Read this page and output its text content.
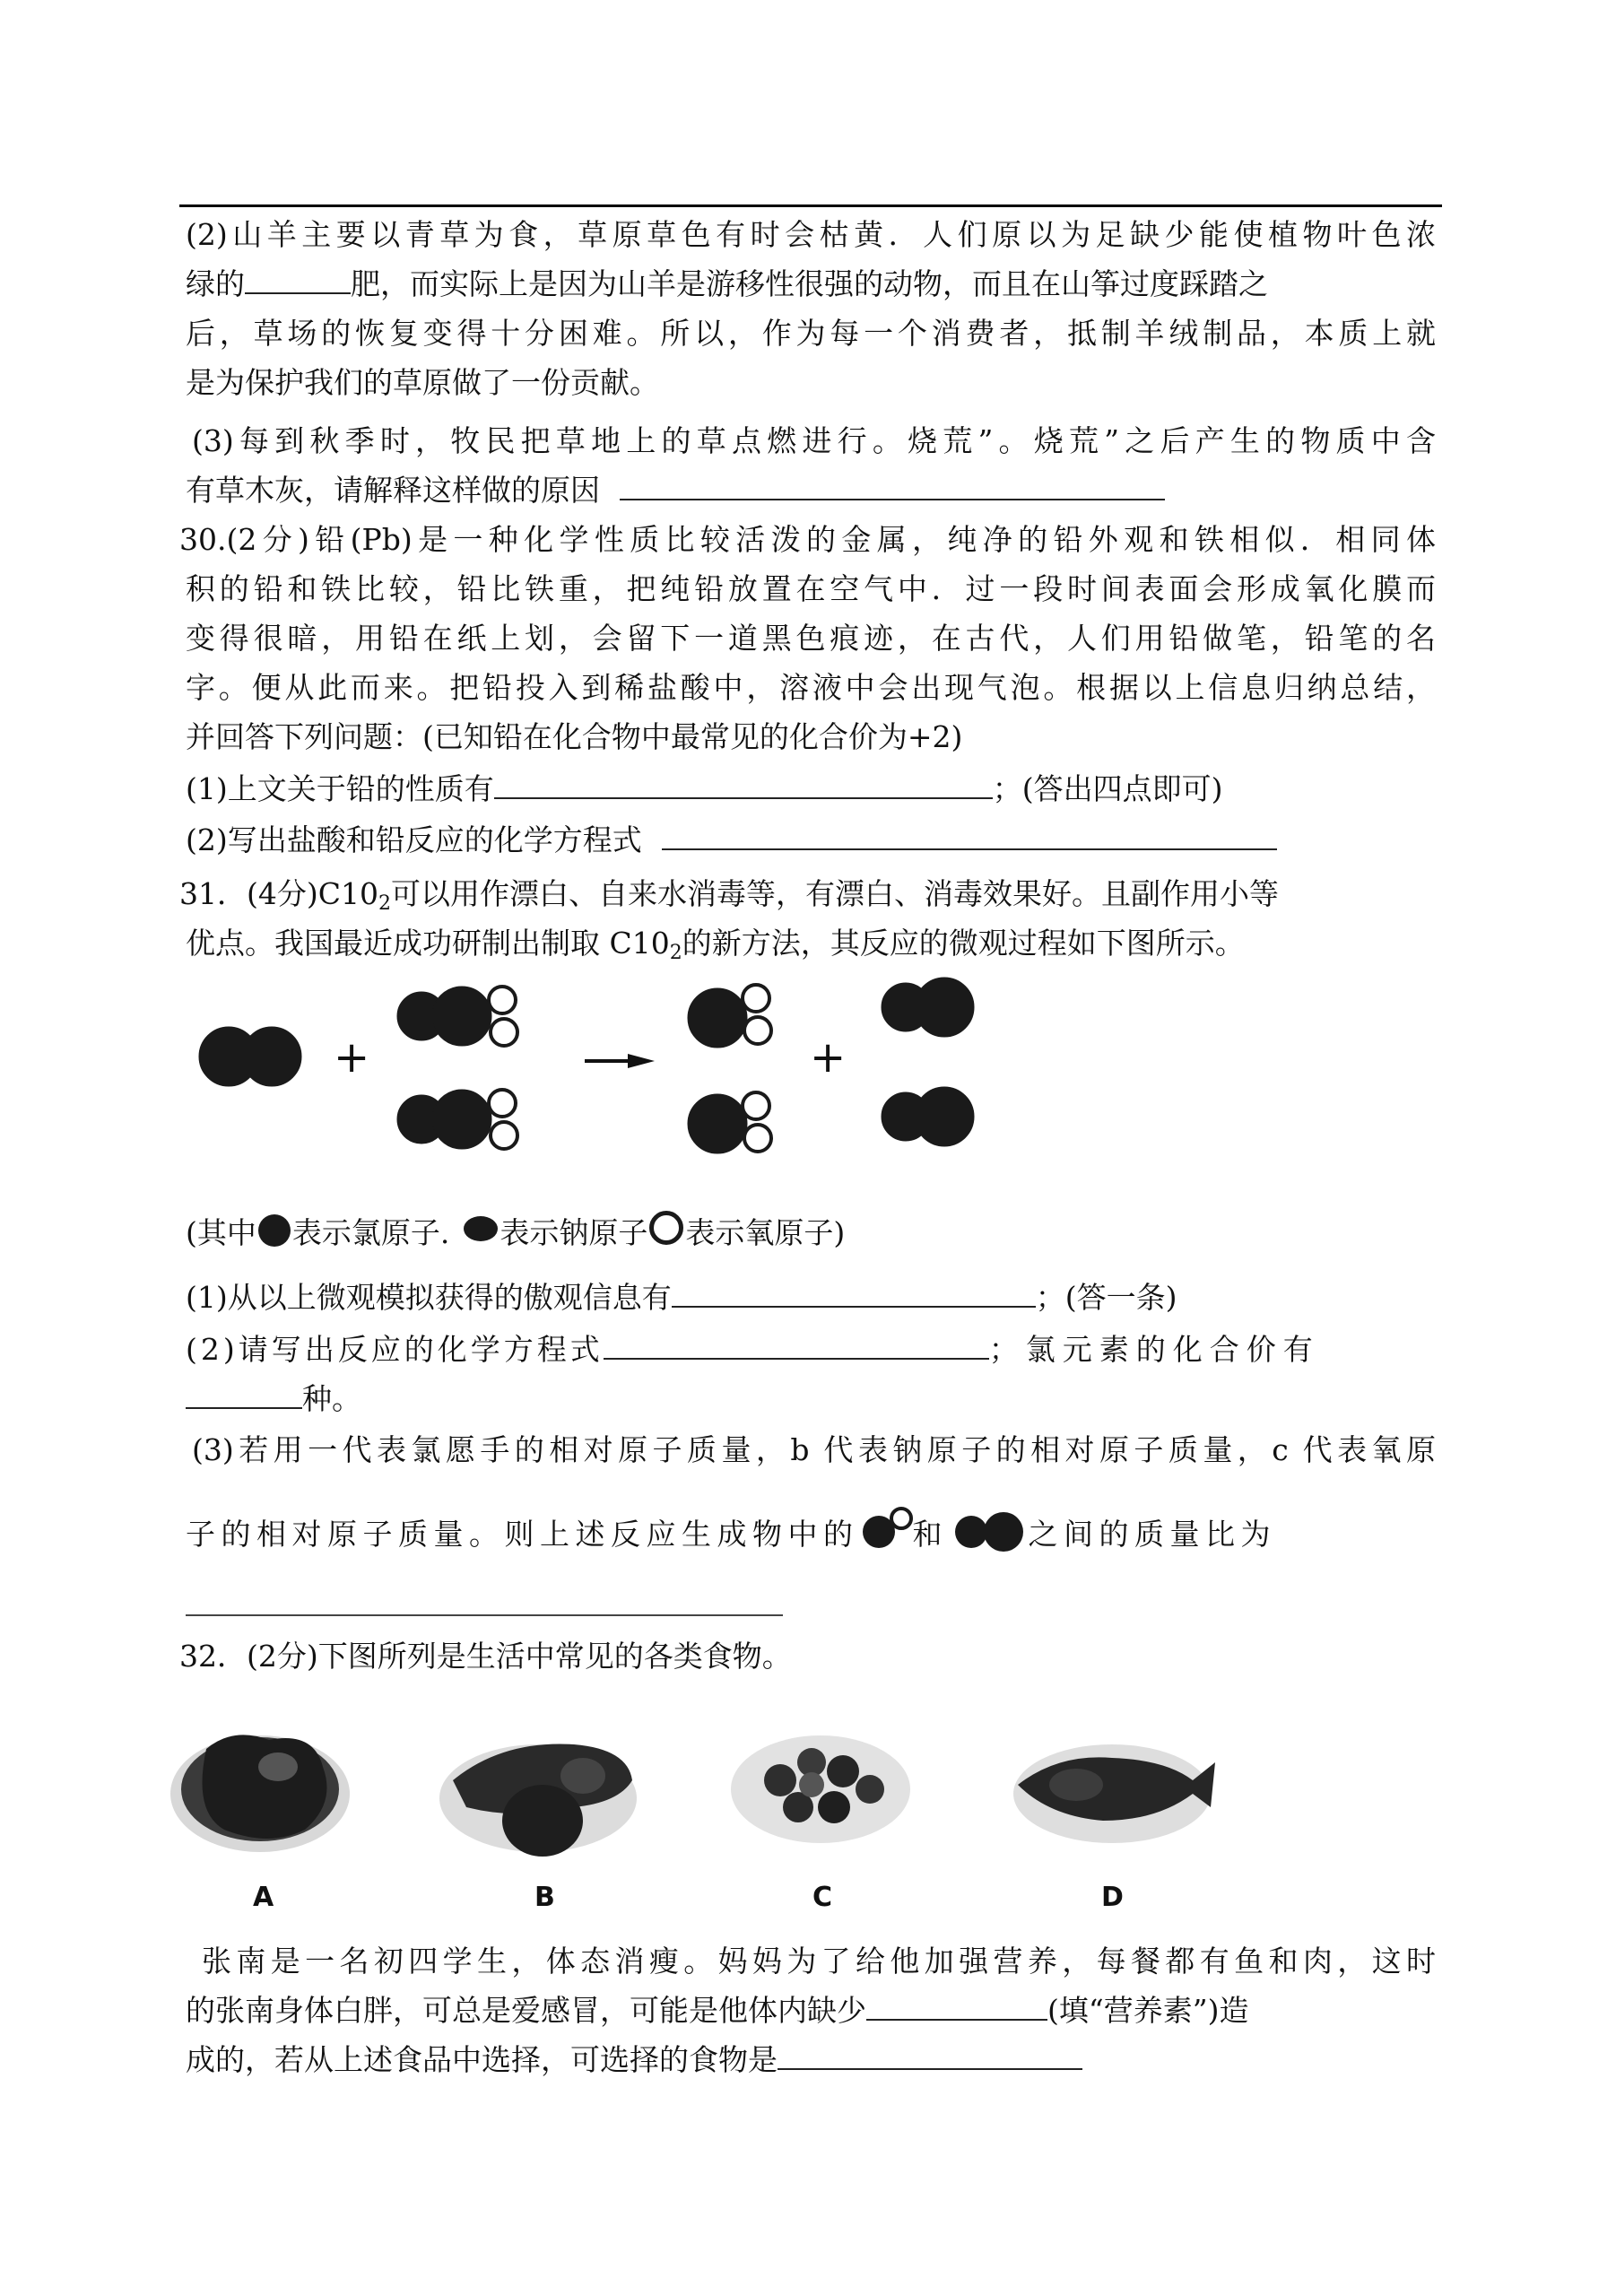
(2)山羊主要以青草为食，草原草色有时会枯黄．人们原以为足缺少能使植物叶色浓
绿的	肥，而实际上是因为山羊是游移性很强的动物，而且在山筝过度踩踏之
后，草场的恢复变得十分困难。所以，作为每一个消费者，抵制羊绒制品，本质上就
是为保护我们的草原做了一份贡献。
(3)每到秋季时，牧民把草地上的草点燃进行。烧荒”。烧荒”之后产生的物质中含
有草木灰，请解释这样做的原因
30.(2分)铅(Pb)是一种化学性质比较活泼的金属，纯净的铅外观和铁相似．相同体
积的铅和铁比较，铅比铁重，把纯铅放置在空气中．过一段时间表面会形成氧化膜而
变得很暗，用铅在纸上划，会留下一道黑色痕迹，在古代，人们用铅做笔，铅笔的名
字。便从此而来。把铅投入到稀盐酸中，溶液中会出现气泡。根据以上信息归纳总结，
并回答下列问题：(已知铅在化合物中最常见的化合价为+2)
(1)上文关于铅的性质有	；(答出四点即可)
(2)写出盐酸和铅反应的化学方程式
31．(4分)$C10_2$可以用作漂白、自来水消毒等，有漂白、消毒效果好。且副作用小等
优点。我国最近成功研制出制取 $C10_2$的新方法，其反应的微观过程如下图所示。
+	+
(其中 表示氯原子. 表示钠原子 表示氧原子)
(1)从以上微观模拟获得的傲观信息有	；(答一条)
(2)请写出反应的化学方程式	；氯元素的化合价有
种。
(3)若用一代表氯愿手的相对原子质量，b 代表钠原子的相对原子质量，c 代表氧原
子的相对原子质量。则上述反应生成物中的 和	之间的质量比为
32．(2分)下图所列是生活中常见的各类食物。
A	B	C	D
张南是一名初四学生，体态消瘦。妈妈为了给他加强营养，每餐都有鱼和肉，这时
的张南身体白胖，可总是爱感冒，可能是他体内缺少	(填“营养素”)造
成的，若从上述食品中选择，可选择的食物是
